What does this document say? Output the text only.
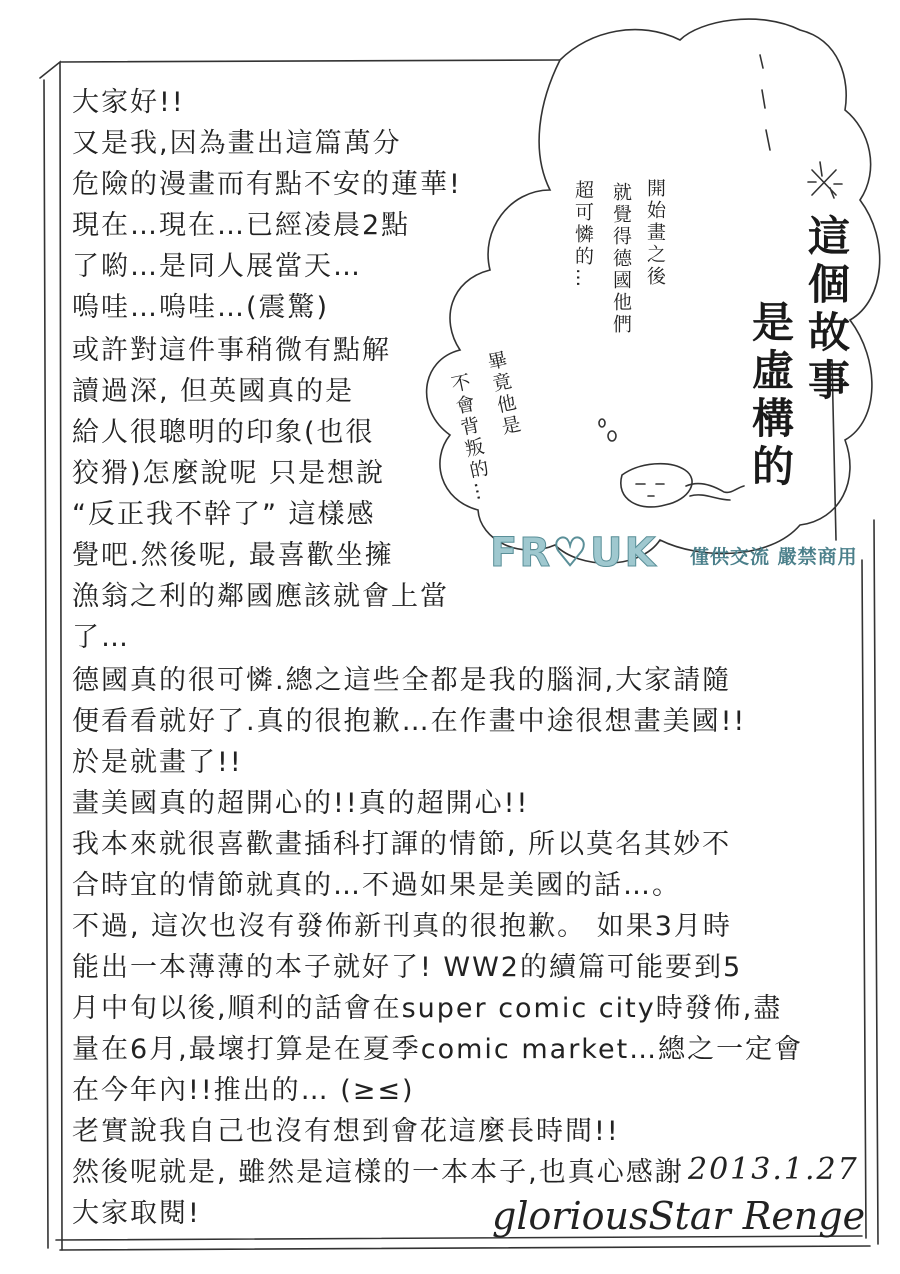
大家好!!
又是我,因為畫出這篇萬分
危險的漫畫而有點不安的蓮華!
現在…現在…已經凌晨2點
了喲…是同人展當天…
嗚哇…嗚哇…(震驚)
或許對這件事稍微有點解
讀過深, 但英國真的是
給人很聰明的印象(也很
狡猾)怎麼說呢 只是想說
“反正我不幹了” 這樣感
覺吧.然後呢, 最喜歡坐擁
漁翁之利的鄰國應該就會上當
了…
德國真的很可憐.總之這些全都是我的腦洞,大家請隨
便看看就好了.真的很抱歉…在作畫中途很想畫美國!!
於是就畫了!!
畫美國真的超開心的!!真的超開心!!
我本來就很喜歡畫插科打諢的情節, 所以莫名其妙不
合時宜的情節就真的…不過如果是美國的話…。
不過, 這次也沒有發佈新刊真的很抱歉。 如果3月時
能出一本薄薄的本子就好了! WW2的續篇可能要到5
月中旬以後,順利的話會在super comic city時發佈,盡
量在6月,最壞打算是在夏季comic market…總之一定會
在今年內!!推出的… (≥≤)
老實說我自己也沒有想到會花這麼長時間!!
然後呢就是, 雖然是這樣的一本本子,也真心感謝
大家取閱!
開始畫之後
就覺得德國他們
超可憐的…
畢竟他是
不會背叛的…
這個故事
是虛構的
FR♡UK 僅供交流 嚴禁商用
2013.1.27
gloriousStar Renge
